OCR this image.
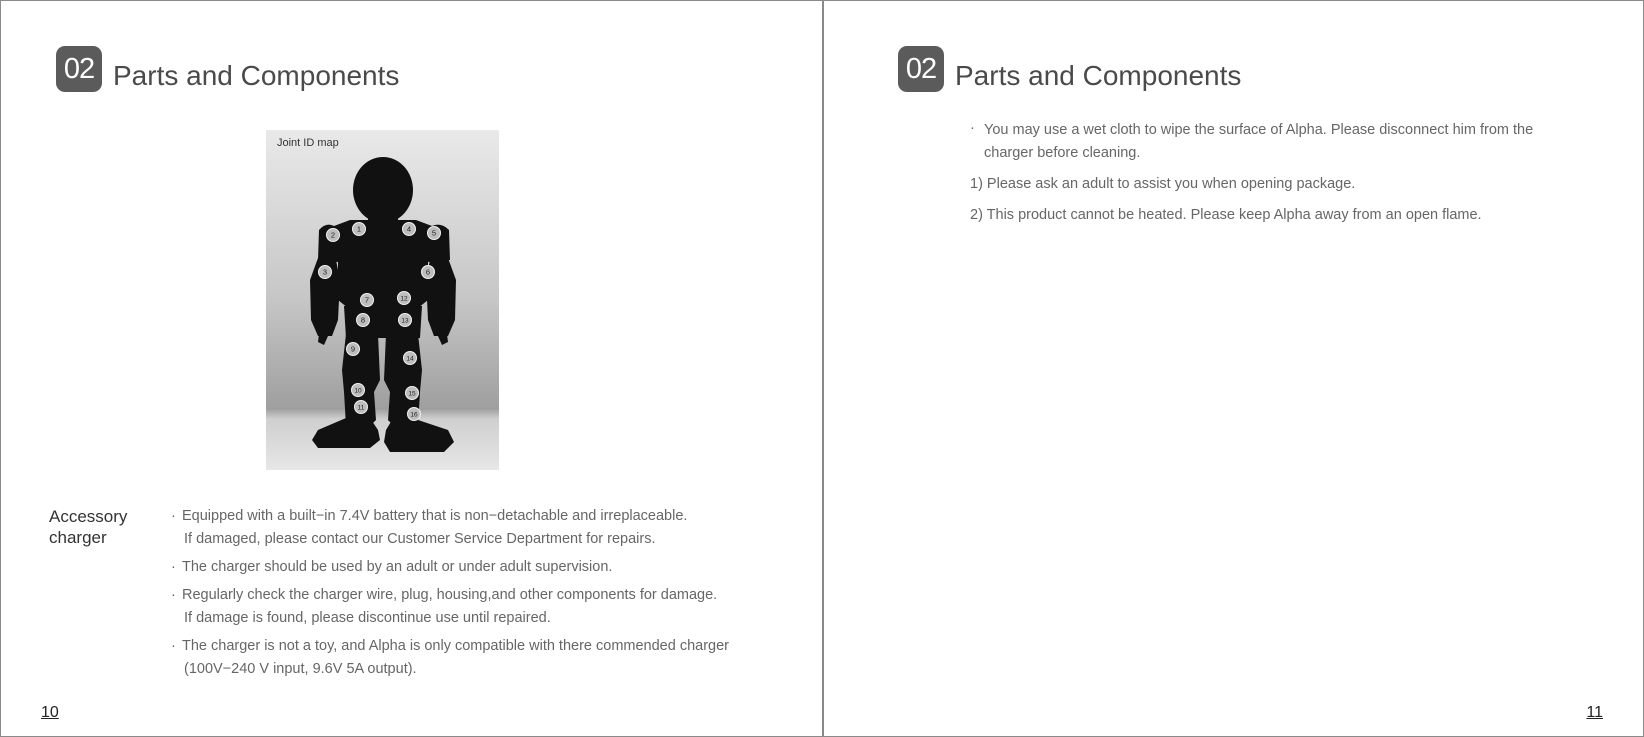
02 Parts and Components
1
2
3
4	5
6
7
8
9
10
11
12
13
14
15
16
Joint ID map
Accessory
charger
· Equipped with a built−in 7.4V battery that is non−detachable and irreplaceable.
If damaged, please contact our Customer Service Department for repairs.
· The charger should be used by an adult or under adult supervision.
· Regularly check the charger wire, plug, housing,and other components for damage.
If damage is found, please discontinue use until repaired.
· The charger is not a toy, and Alpha is only compatible with there commended charger
(100V−240 V input, 9.6V 5A output).
10
02 Parts and Components
· You may use a wet cloth to wipe the surface of Alpha. Please disconnect him from the
charger before cleaning.
1) Please ask an adult to assist you when opening package.
2) This product cannot be heated. Please keep Alpha away from an open flame.
11
